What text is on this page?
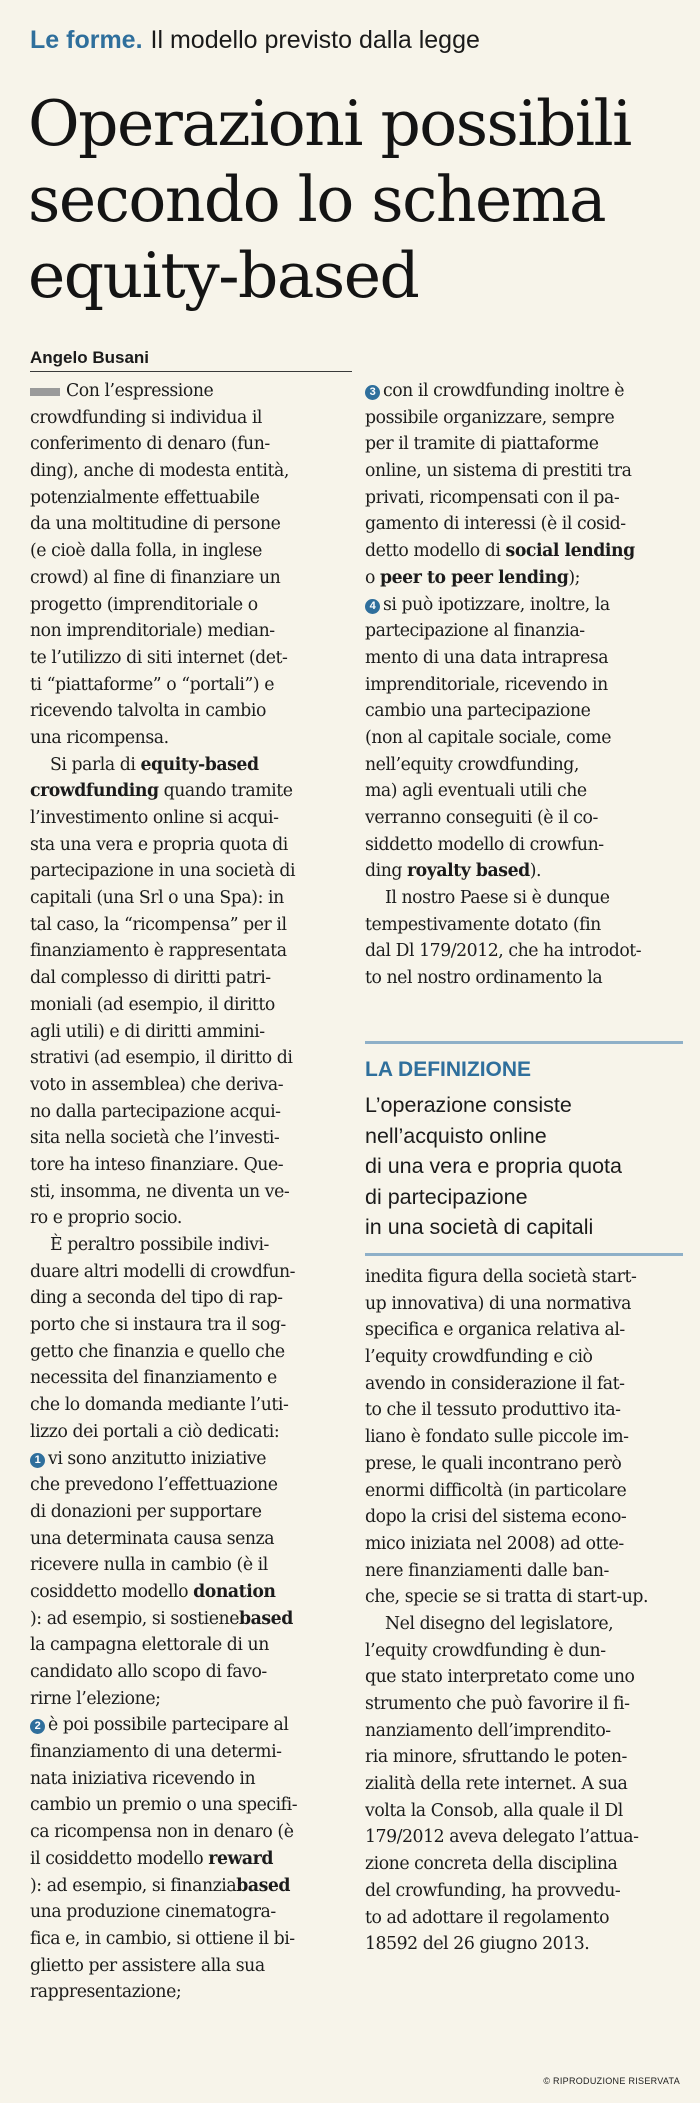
Le forme. Il modello previsto dalla legge
Operazioni possibili
secondo lo schema
equity-based
Angelo Busani
Con l’espressione
crowdfunding si individua il
conferimento di denaro (fun-
ding), anche di modesta entità,
potenzialmente effettuabile
da una moltitudine di persone
(e cioè dalla folla, in inglese
crowd) al fine di finanziare un
progetto (imprenditoriale o
non imprenditoriale) median-
te l’utilizzo di siti internet (det-
ti “piattaforme” o “portali”) e
ricevendo talvolta in cambio
una ricompensa.
Si parla di equity-based
crowdfunding quando tramite
l’investimento online si acqui-
sta una vera e propria quota di
partecipazione in una società di
capitali (una Srl o una Spa): in
tal caso, la “ricompensa” per il
finanziamento è rappresentata
dal complesso di diritti patri-
moniali (ad esempio, il diritto
agli utili) e di diritti ammini-
strativi (ad esempio, il diritto di
voto in assemblea) che derivа-
no dalla partecipazione acqui-
sita nella società che l’investi-
tore ha inteso finanziare. Que-
sti, insomma, ne diventa un ve-
ro e proprio socio.
È peraltro possibile indivi-
duare altri modelli di crowdfun-
ding a seconda del tipo di rap-
porto che si instaura tra il sog-
getto che finanzia e quello che
necessita del finanziamento e
che lo domanda mediante l’uti-
lizzo dei portali a ciò dedicati:
1 vi sono anzitutto iniziative
che prevedono l’effettuazione
di donazioni per supportare
una determinata causa senza
ricevere nulla in cambio (è il
cosiddetto modello donation
): ad esempio, si sostienebased
la campagna elettorale di un
candidato allo scopo di favo-
rirne l’elezione;
2 è poi possibile partecipare al
finanziamento di una determi-
nata iniziativa ricevendo in
cambio un premio o una specifi-
ca ricompensa non in denaro (è
il cosiddetto modello reward
): ad esempio, si finanziabased
una produzione cinematogra-
fica e, in cambio, si ottiene il bi-
glietto per assistere alla sua
rappresentazione;
3 con il crowdfunding inoltre è
possibile organizzare, sempre
per il tramite di piattaforme
online, un sistema di prestiti tra
privati, ricompensati con il pa-
gamento di interessi (è il cosid-
detto modello di social lending
o peer to peer lending);
4 si può ipotizzare, inoltre, la
partecipazione al finanzia-
mento di una data intrapresa
imprenditoriale, ricevendo in
cambio una partecipazione
(non al capitale sociale, come
nell’equity crowdfunding,
ma) agli eventuali utili che
verranno conseguiti (è il co-
siddetto modello di crowfun-
ding royalty based).
Il nostro Paese si è dunque
tempestivamente dotato (fin
dal Dl 179/2012, che ha introdot-
to nel nostro ordinamento la
LA DEFINIZIONE
L’operazione consiste
nell’acquisto online
di una vera e propria quota
di partecipazione
in una società di capitali
inedita figura della società start-
up innovativa) di una normativa
specifica e organica relativa al-
l’equity crowdfunding e ciò
avendo in considerazione il fat-
to che il tessuto produttivo ita-
liano è fondato sulle piccole im-
prese, le quali incontrano però
enormi difficoltà (in particolare
dopo la crisi del sistema econo-
mico iniziata nel 2008) ad otte-
nere finanziamenti dalle ban-
che, specie se si tratta di start-up.
Nel disegno del legislatore,
l’equity crowdfunding è dun-
que stato interpretato come uno
strumento che può favorire il fi-
nanziamento dell’imprendito-
ria minore, sfruttando le poten-
zialità della rete internet. A sua
volta la Consob, alla quale il Dl
179/2012 aveva delegato l’attua-
zione concreta della disciplina
del crowfunding, ha provvedu-
to ad adottare il regolamento
18592 del 26 giugno 2013.
© RIPRODUZIONE RISERVATA
